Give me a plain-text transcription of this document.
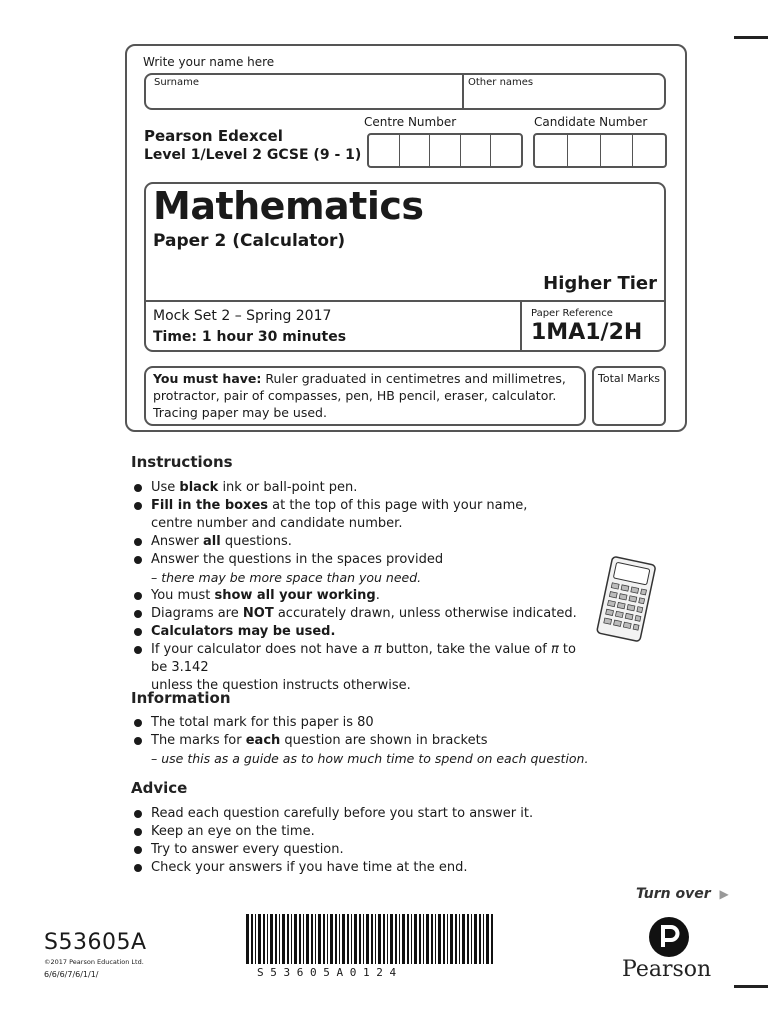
Write your name here
Surname	Other names
Pearson Edexcel
Level 1/Level 2 GCSE (9 - 1)
Centre Number	Candidate Number
Mathematics
Paper 2 (Calculator)
Higher Tier
Mock Set 2 – Spring 2017
Time: 1 hour 30 minutes
Paper Reference
1MA1/2H
You must have: Ruler graduated in centimetres and millimetres,
protractor, pair of compasses, pen, HB pencil, eraser, calculator.
Tracing paper may be used.
Total Marks
Instructions
Use black ink or ball-point pen.
Fill in the boxes at the top of this page with your name,
centre number and candidate number.
Answer all questions.
Answer the questions in the spaces provided
– there may be more space than you need.
You must show all your working.
Diagrams are NOT accurately drawn, unless otherwise indicated.
Calculators may be used.
If your calculator does not have a π button, take the value of π to be 3.142
unless the question instructs otherwise.
Information
The total mark for this paper is 80
The marks for each question are shown in brackets
– use this as a guide as to how much time to spend on each question.
Advice
Read each question carefully before you start to answer it.
Keep an eye on the time.
Try to answer every question.
Check your answers if you have time at the end.
Turn over ▶
S53605A
©2017 Pearson Education Ltd.
6/6/6/7/6/1/1/	S 5 3 6 0 5 A 0 1 2 4	Pearson
